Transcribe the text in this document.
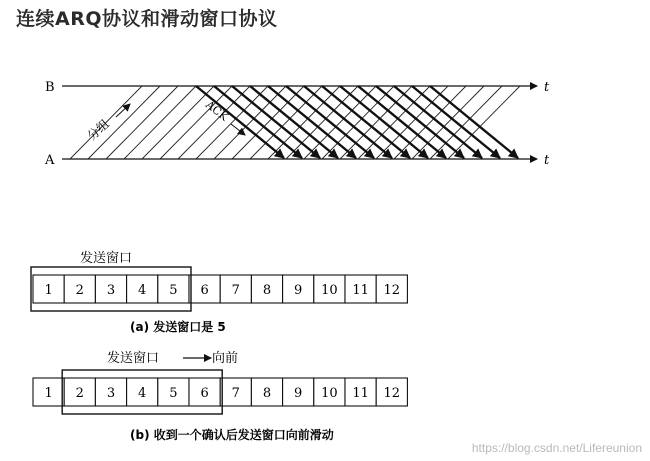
连续ARQ协议和滑动窗口协议
B
A
t
t
分组
ACK
发送窗口
1 2 3 4 5 6 7 8 9 10 11 12
(a) 发送窗口是 5
发送窗口	向前
1 2 3 4 5 6 7 8 9 10 11 12
(b) 收到一个确认后发送窗口向前滑动
https://blog.csdn.net/Lifereunion
